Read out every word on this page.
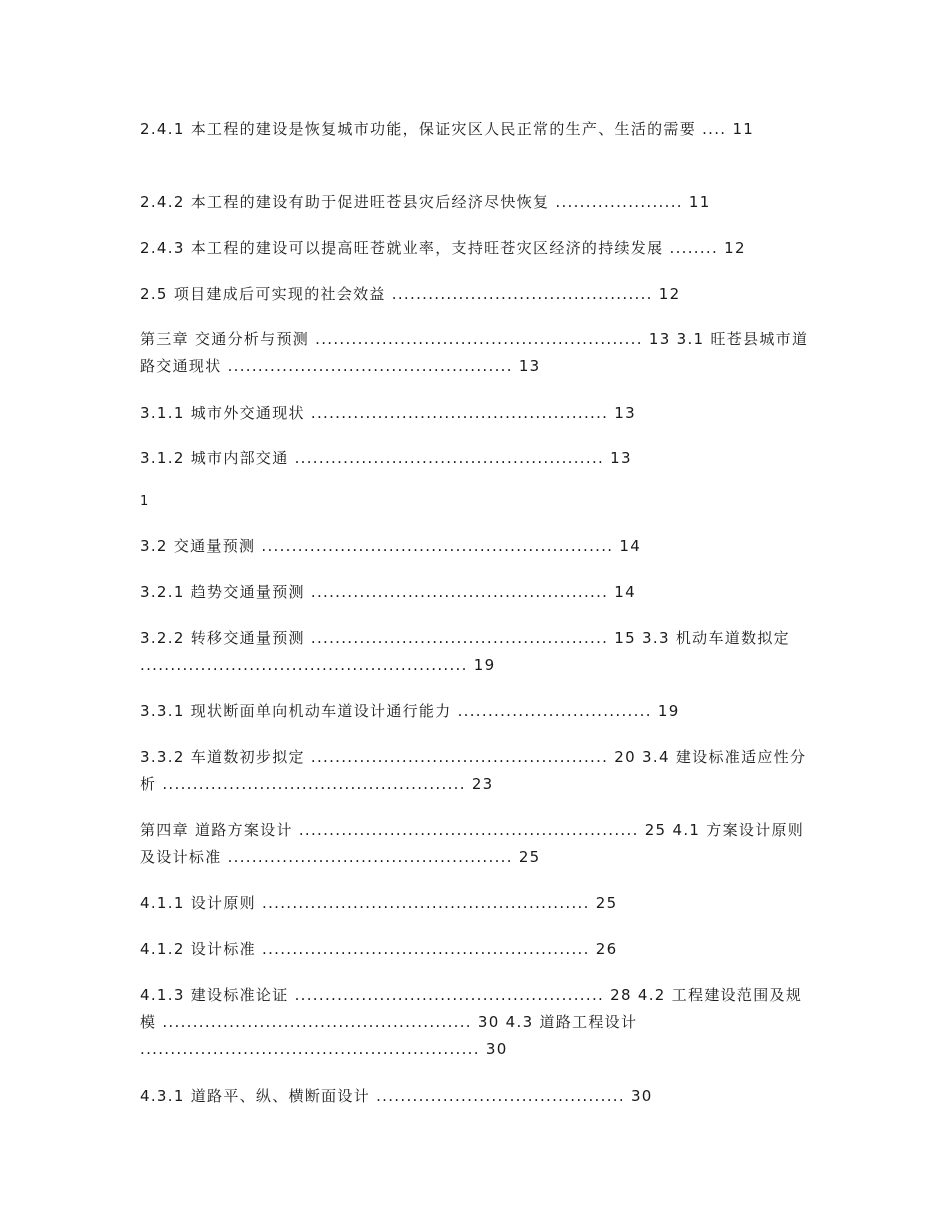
2.4.1 本工程的建设是恢复城市功能，保证灾区人民正常的生产、生活的需要 .... 11
2.4.2 本工程的建设有助于促进旺苍县灾后经济尽快恢复 ..................... 11
2.4.3 本工程的建设可以提高旺苍就业率，支持旺苍灾区经济的持续发展 ........ 12
2.5 项目建成后可实现的社会效益 ........................................... 12
第三章 交通分析与预测 ...................................................... 13 3.1 旺苍县城市道路交通现状 ............................................... 13
3.1.1 城市外交通现状 ................................................. 13
3.1.2 城市内部交通 ................................................... 13
1
3.2 交通量预测 .......................................................... 14
3.2.1 趋势交通量预测 ................................................. 14
3.2.2 转移交通量预测 ................................................. 15 3.3 机动车道数拟定 ...................................................... 19
3.3.1 现状断面单向机动车道设计通行能力 ................................ 19
3.3.2 车道数初步拟定 ................................................. 20 3.4 建设标准适应性分析 .................................................. 23
第四章 道路方案设计 ........................................................ 25 4.1 方案设计原则及设计标准 ............................................... 25
4.1.1 设计原则 ...................................................... 25
4.1.2 设计标准 ...................................................... 26
4.1.3 建设标准论证 ................................................... 28 4.2 工程建设范围及规模 ................................................... 30 4.3 道路工程设计 ........................................................ 30
4.3.1 道路平、纵、横断面设计 ......................................... 30
